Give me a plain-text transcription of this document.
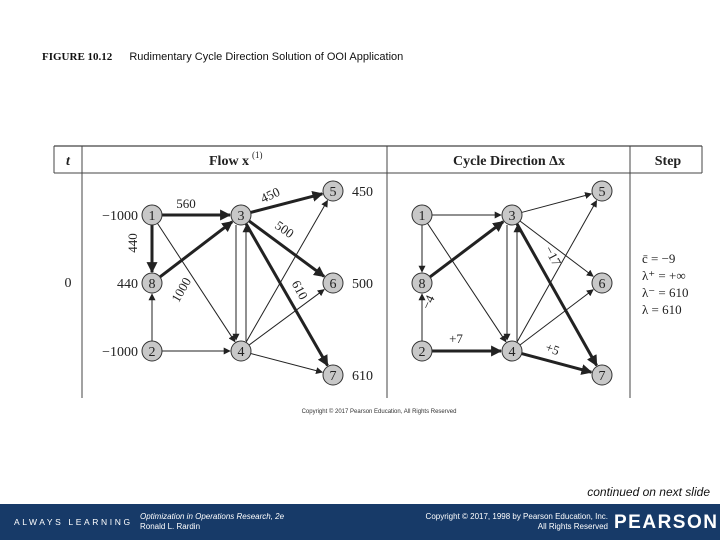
FIGURE 10.12 Rudimentary Cycle Direction Solution of OOI Application
t	Flow x (1)	Cycle Direction Δx	Step
0
560
440
1000
450
500
610
1
−1000
8
440
2
−1000
3
4
5 450
6 500
7 610
−4
−17
+7
+5
1
8
2
3
4
5
6
7
c̄ = −9
λ⁺ = +∞
λ⁻ = 610
λ = 610
Copyright © 2017 Pearson Education, All Rights Reserved
continued on next slide
ALWAYS LEARNING
Optimization in Operations Research, 2e
Ronald L. Rardin
Copyright © 2017, 1998 by Pearson Education, Inc.
All Rights Reserved PEARSON
